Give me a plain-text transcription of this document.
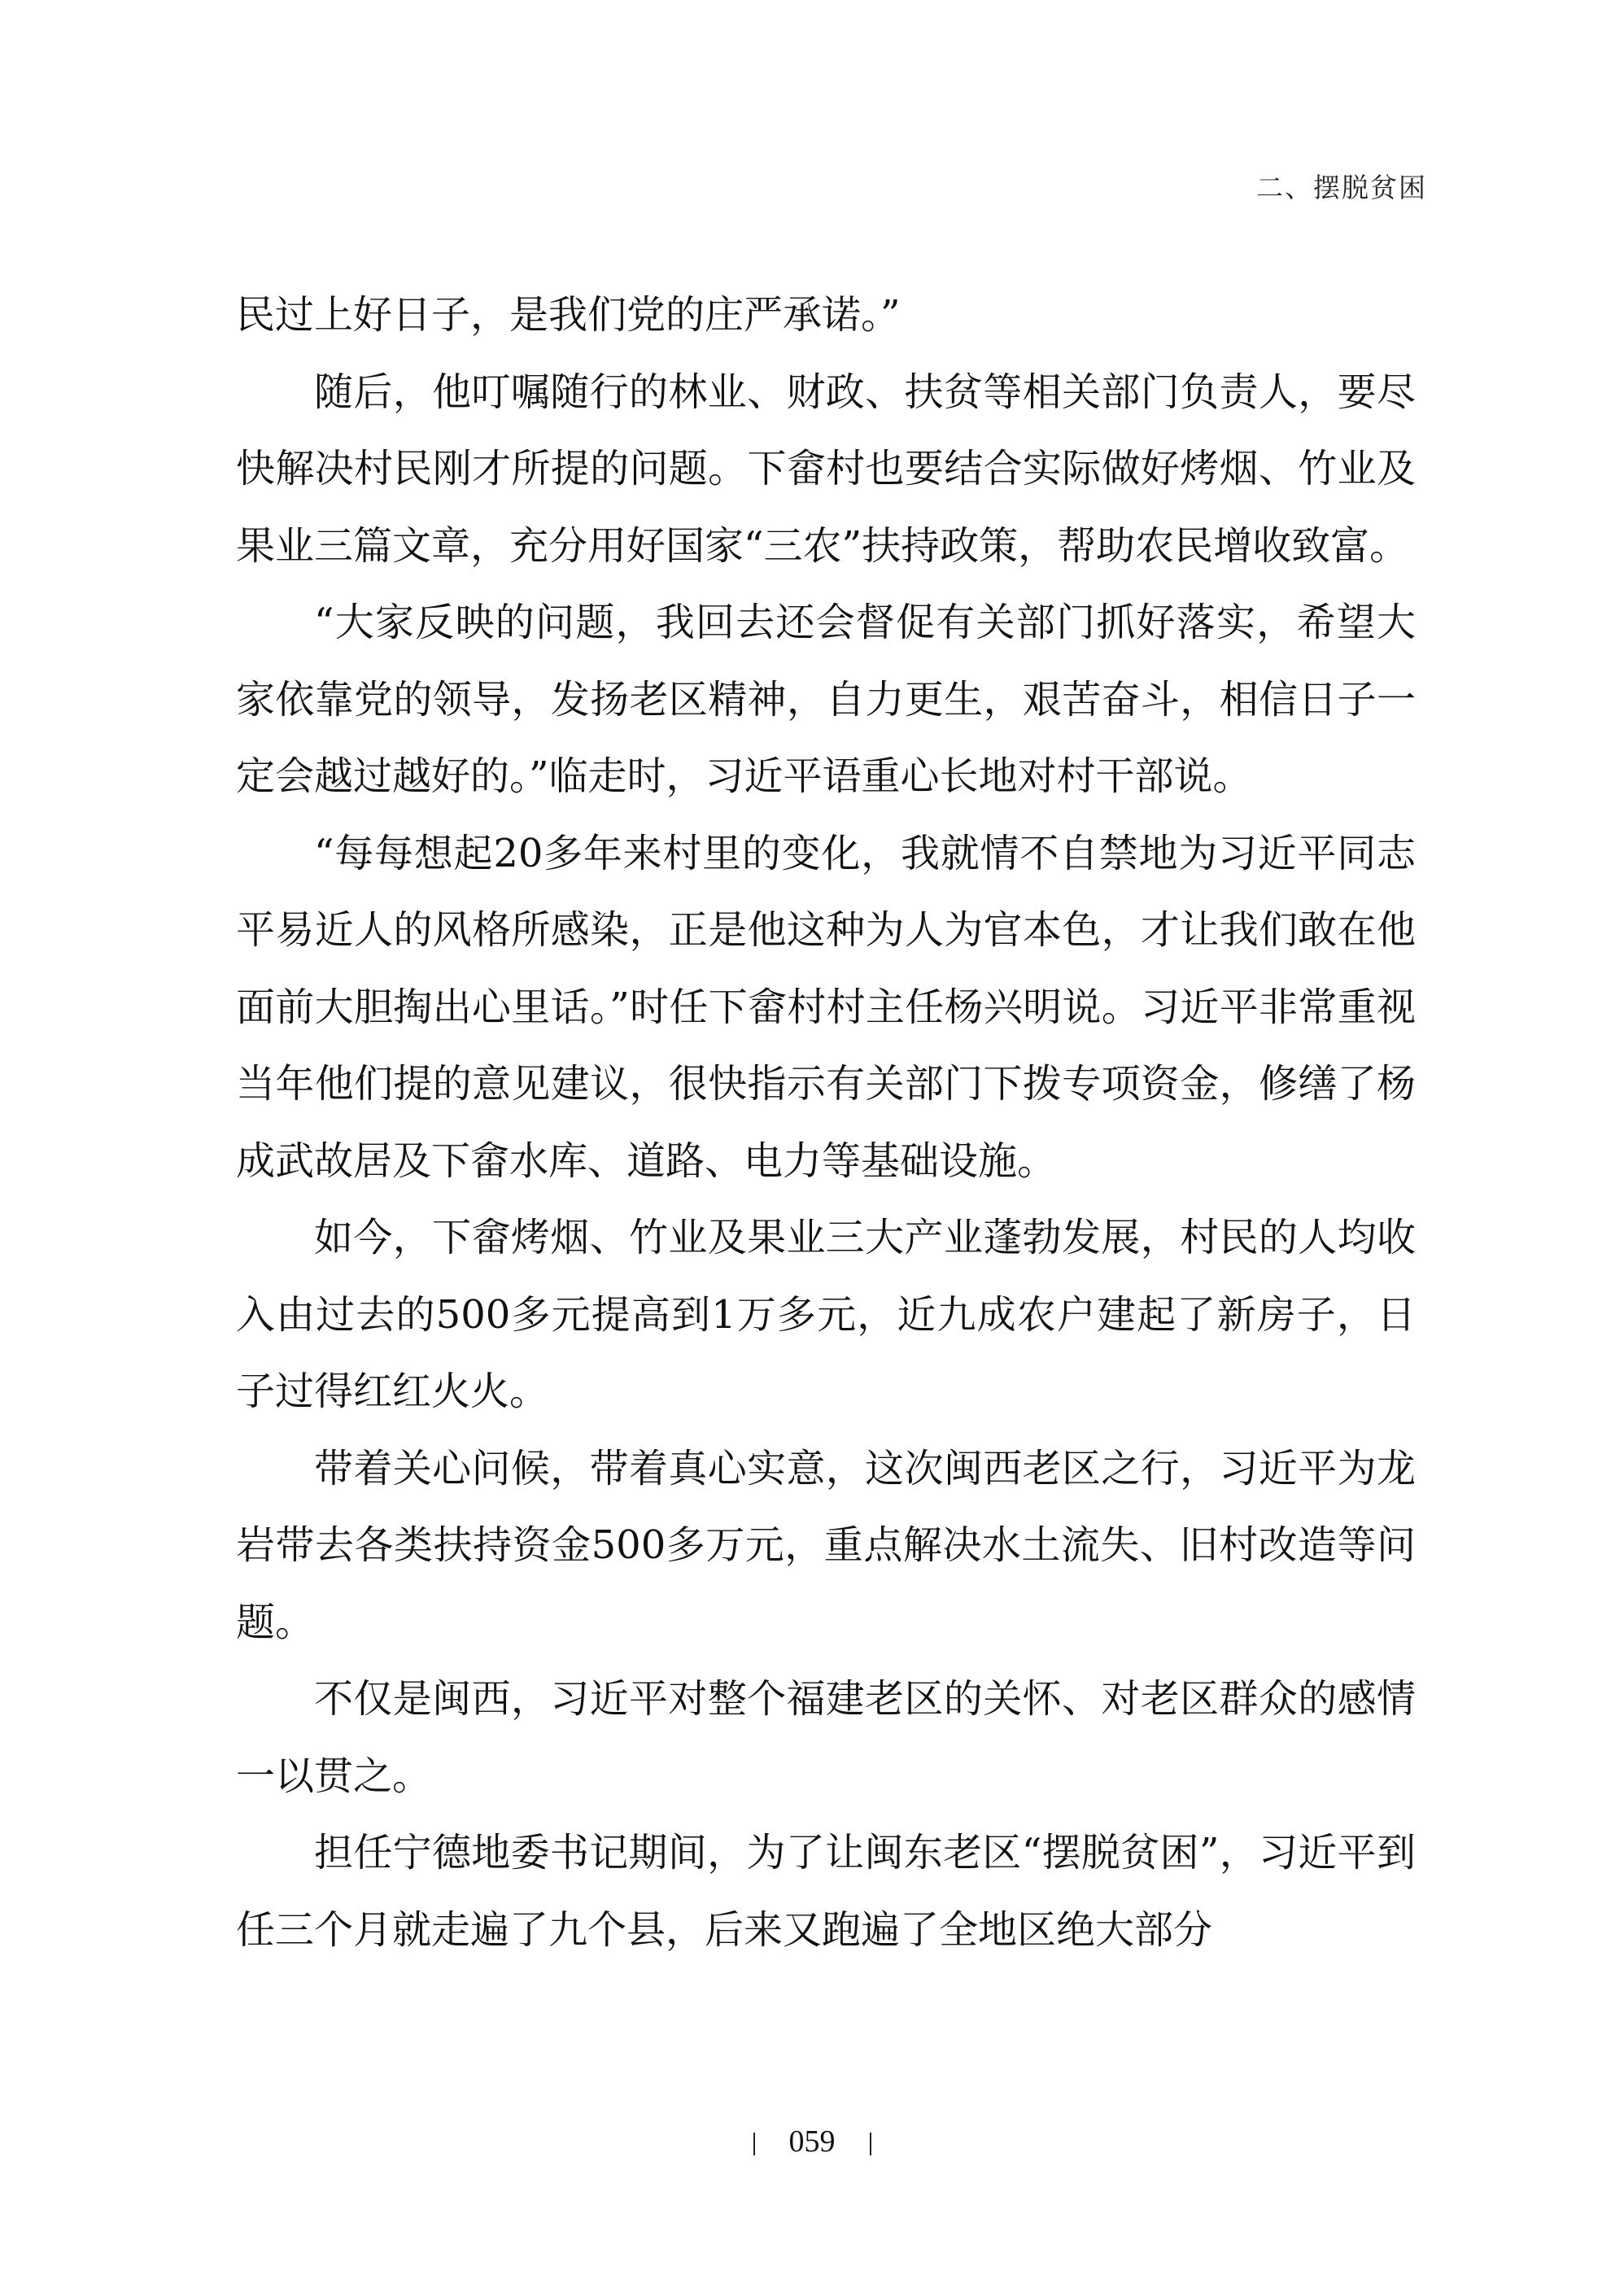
二、摆脱贫困

民过上好日子，是我们党的庄严承诺。”

随后，他叮嘱随行的林业、财政、扶贫等相关部门负责人，要尽快解决村民刚才所提的问题。下畲村也要结合实际做好烤烟、竹业及果业三篇文章，充分用好国家“三农”扶持政策，帮助农民增收致富。

“大家反映的问题，我回去还会督促有关部门抓好落实，希望大家依靠党的领导，发扬老区精神，自力更生，艰苦奋斗，相信日子一定会越过越好的。”临走时，习近平语重心长地对村干部说。

“每每想起20多年来村里的变化，我就情不自禁地为习近平同志平易近人的风格所感染，正是他这种为人为官本色，才让我们敢在他面前大胆掏出心里话。”时任下畲村村主任杨兴明说。习近平非常重视当年他们提的意见建议，很快指示有关部门下拨专项资金，修缮了杨成武故居及下畲水库、道路、电力等基础设施。

如今，下畲烤烟、竹业及果业三大产业蓬勃发展，村民的人均收入由过去的500多元提高到1万多元，近九成农户建起了新房子，日子过得红红火火。

带着关心问候，带着真心实意，这次闽西老区之行，习近平为龙岩带去各类扶持资金500多万元，重点解决水土流失、旧村改造等问题。

不仅是闽西，习近平对整个福建老区的关怀、对老区群众的感情一以贯之。

担任宁德地委书记期间，为了让闽东老区“摆脱贫困”，习近平到任三个月就走遍了九个县，后来又跑遍了全地区绝大部分

059
